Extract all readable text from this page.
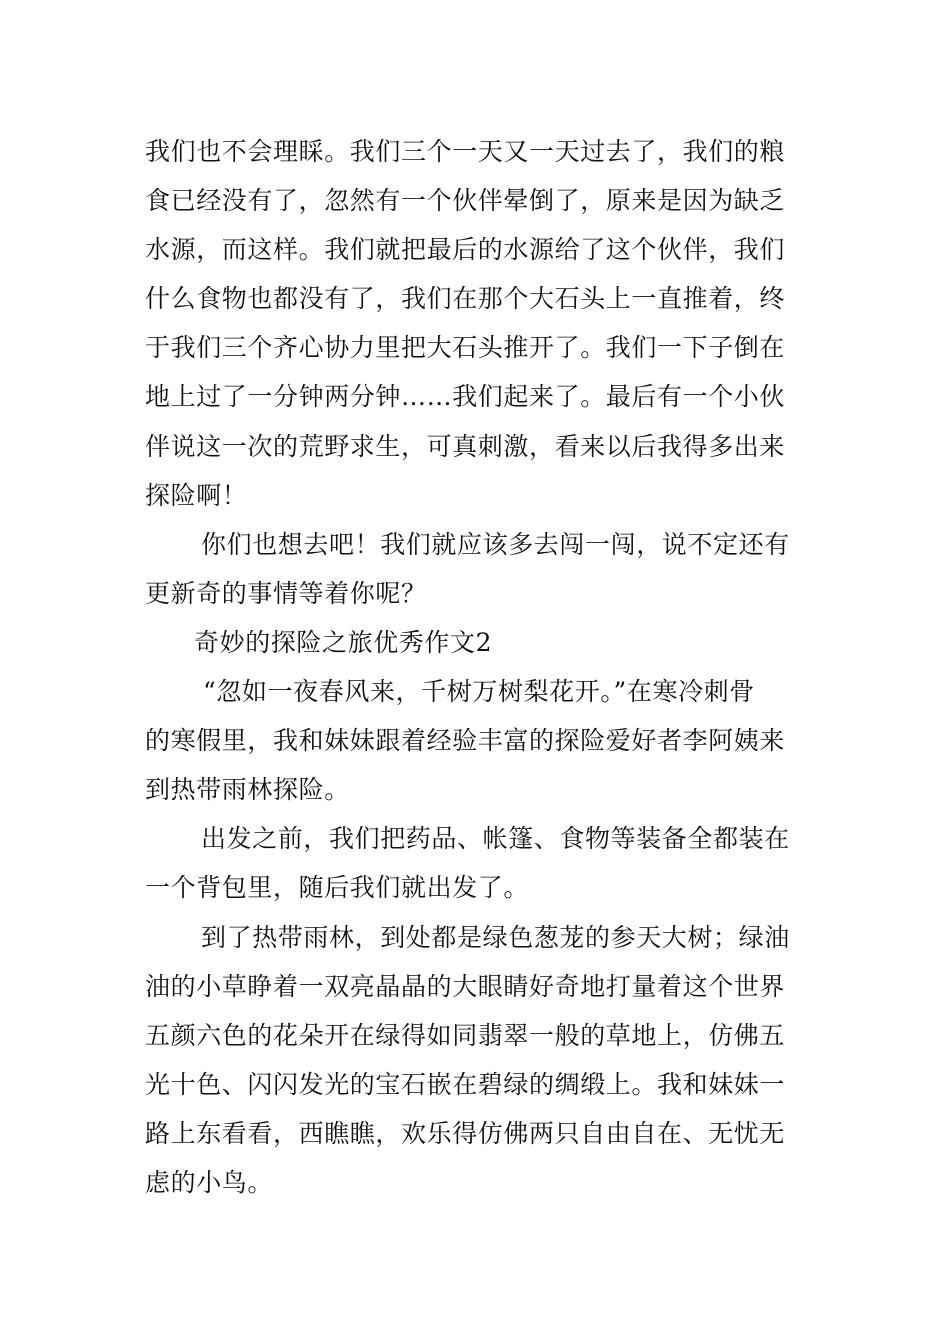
我们也不会理睬。我们三个一天又一天过去了，我们的粮
食已经没有了，忽然有一个伙伴晕倒了，原来是因为缺乏
水源，而这样。我们就把最后的水源给了这个伙伴，我们
什么食物也都没有了，我们在那个大石头上一直推着，终
于我们三个齐心协力里把大石头推开了。我们一下子倒在
地上过了一分钟两分钟……我们起来了。最后有一个小伙
伴说这一次的荒野求生，可真刺激，看来以后我得多出来
探险啊！
你们也想去吧！我们就应该多去闯一闯，说不定还有
更新奇的事情等着你呢？
奇妙的探险之旅优秀作文2
“忽如一夜春风来，千树万树梨花开。”在寒冷刺骨
的寒假里，我和妹妹跟着经验丰富的探险爱好者李阿姨来
到热带雨林探险。
出发之前，我们把药品、帐篷、食物等装备全都装在
一个背包里，随后我们就出发了。
到了热带雨林，到处都是绿色葱茏的参天大树；绿油
油的小草睁着一双亮晶晶的大眼睛好奇地打量着这个世界
五颜六色的花朵开在绿得如同翡翠一般的草地上，仿佛五
光十色、闪闪发光的宝石嵌在碧绿的绸缎上。我和妹妹一
路上东看看，西瞧瞧，欢乐得仿佛两只自由自在、无忧无
虑的小鸟。
